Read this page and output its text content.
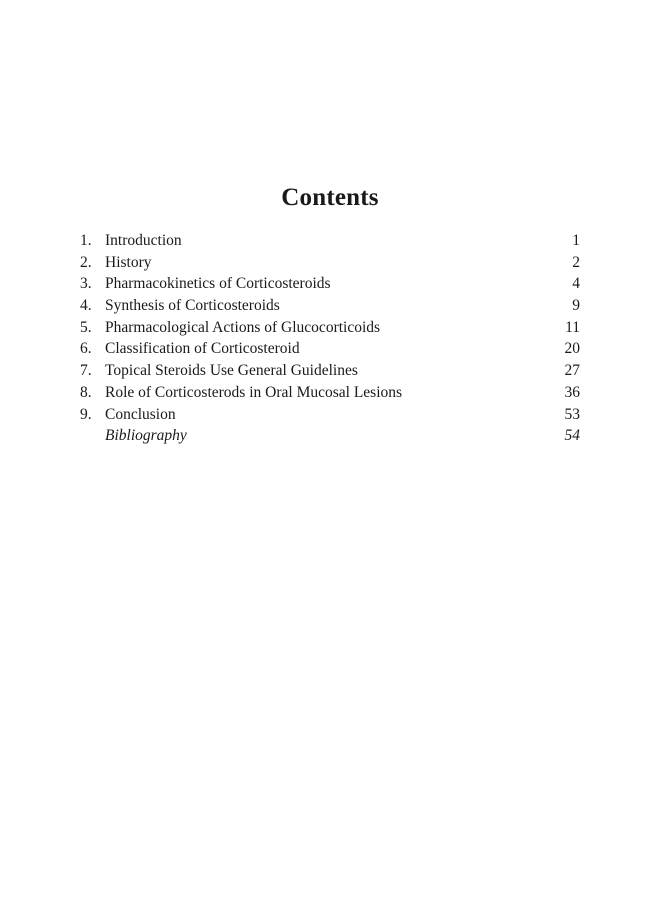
Contents
1. Introduction	1
2. History	2
3. Pharmacokinetics of Corticosteroids	4
4. Synthesis of Corticosteroids	9
5. Pharmacological Actions of Glucocorticoids	11
6. Classification of Corticosteroid	20
7. Topical Steroids Use General Guidelines	27
8. Role of Corticosterods in Oral Mucosal Lesions	36
9. Conclusion	53
Bibliography	54
